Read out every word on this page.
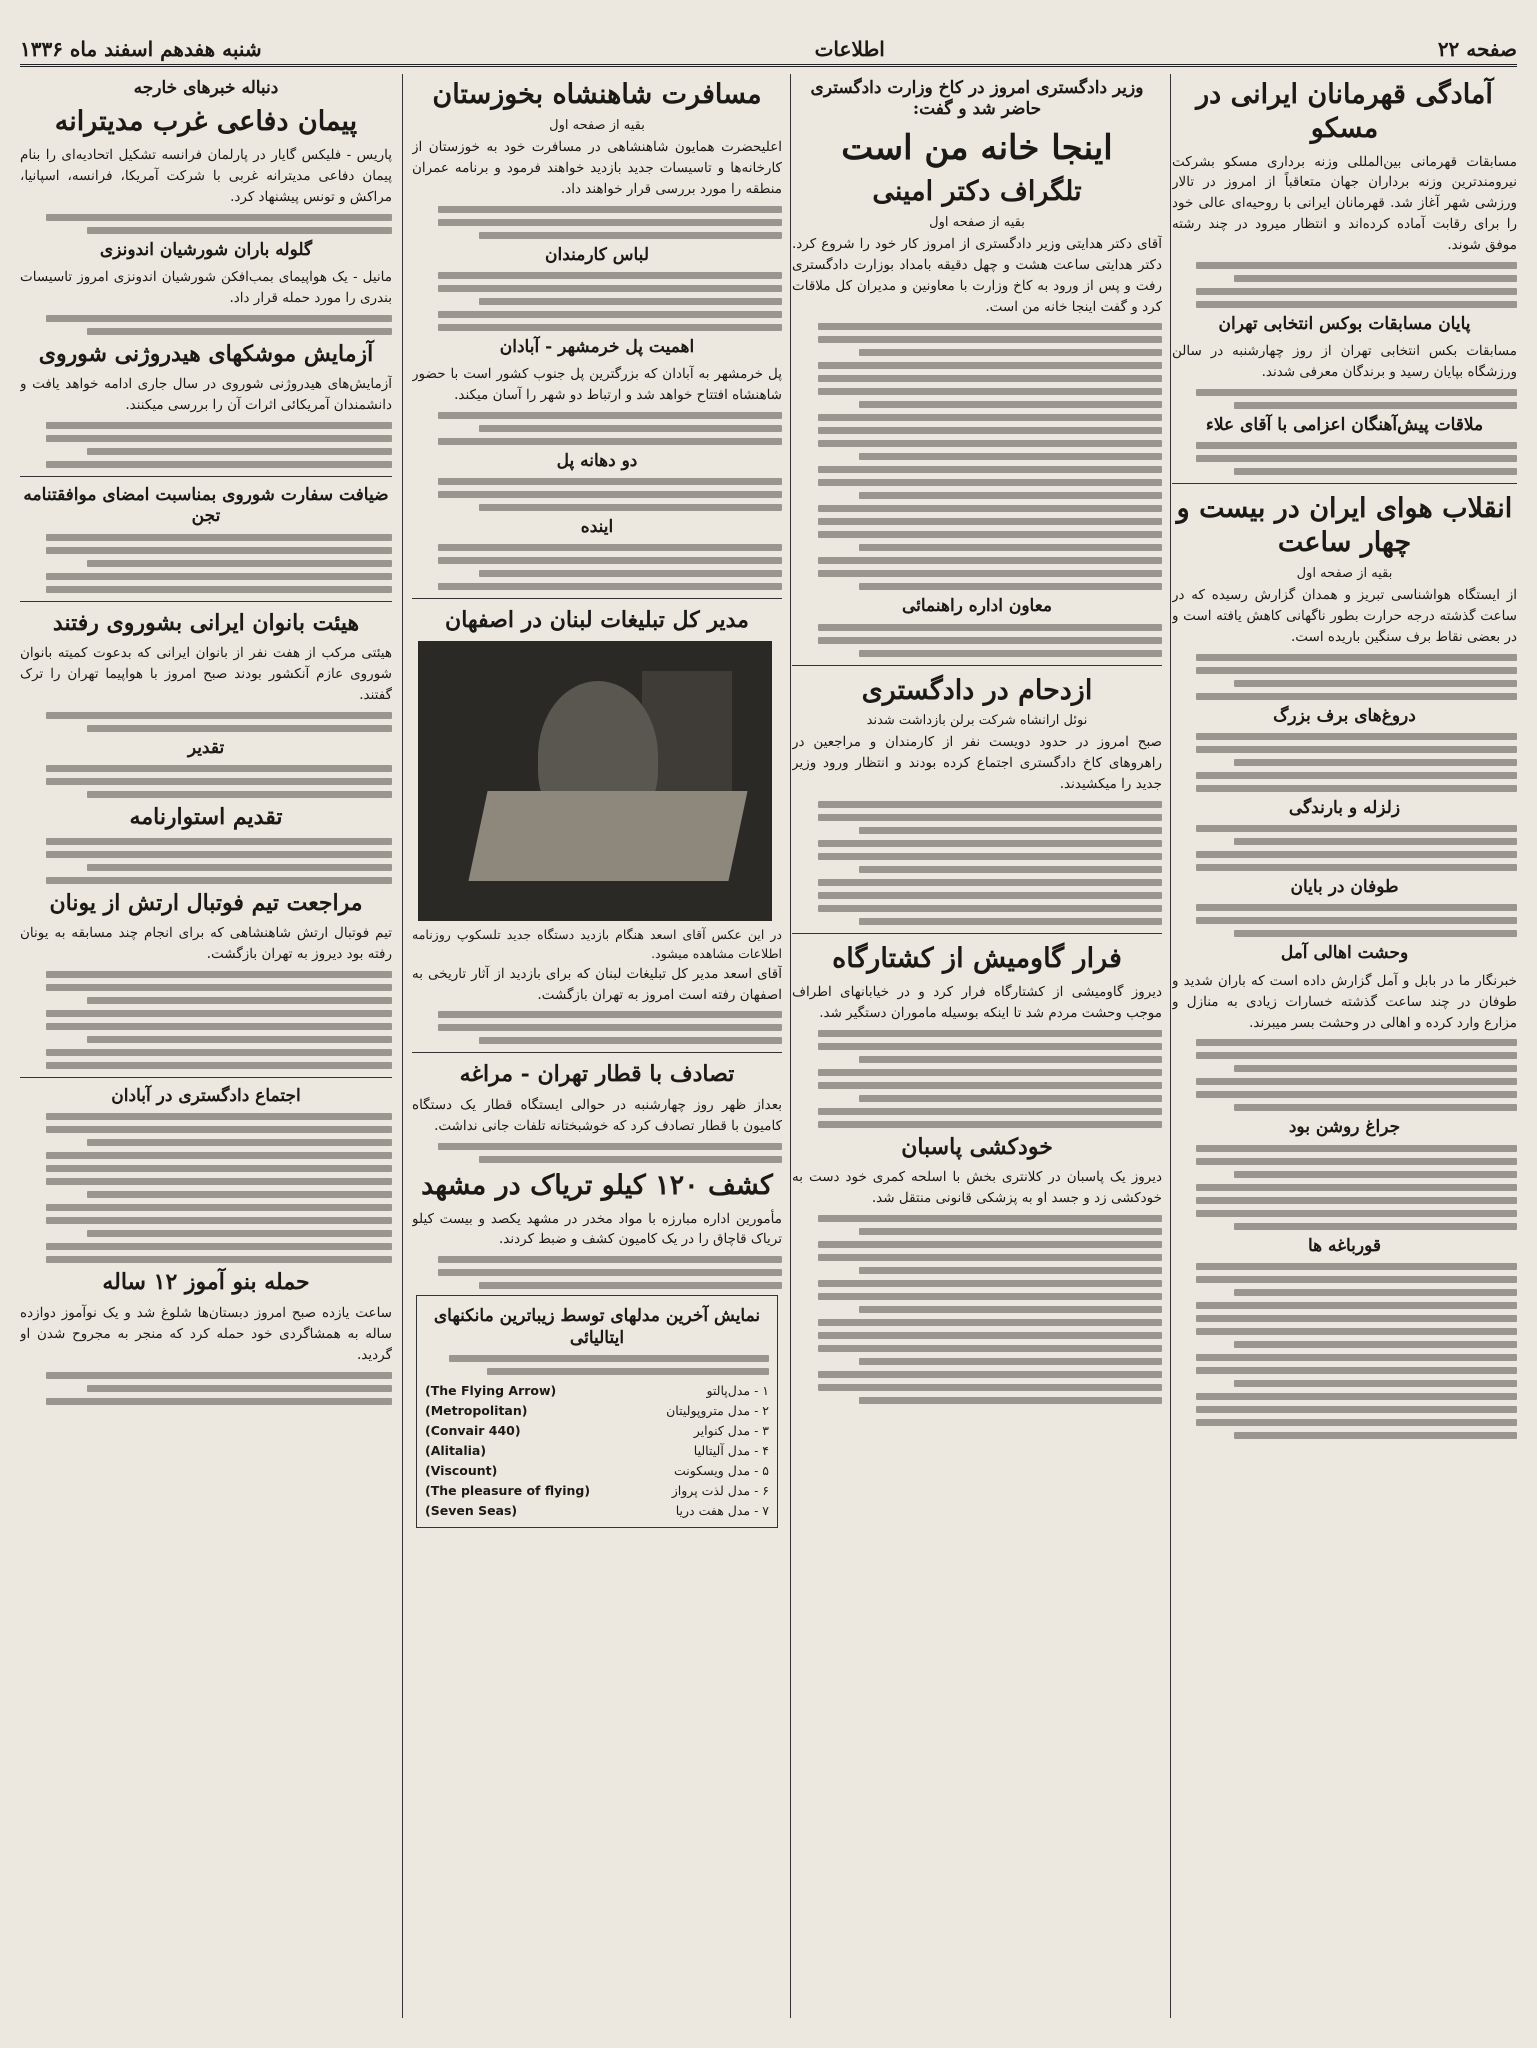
صفحه ۲۲
اطلاعات
شنبه هفدهم اسفند ماه ۱۳۳۶
آمادگی قهرمانان ایرانی در مسکو
مسابقات قهرمانی بین‌المللی وزنه برداری مسکو بشرکت نیرومندترین وزنه برداران جهان متعاقباً از امروز در تالار ورزشی شهر آغاز شد. قهرمانان ایرانی با روحیه‌ای عالی خود را برای رقابت آماده کرده‌اند و انتظار میرود در چند رشته موفق شوند.
پایان مسابقات بوکس انتخابی تهران
مسابقات بکس انتخابی تهران از روز چهارشنبه در سالن ورزشگاه بپایان رسید و برندگان معرفی شدند.
ملاقات پیش‌آهنگان اعزامی با آقای علاء
انقلاب هوای ایران در بیست و چهار ساعت
بقیه از صفحه اول
از ایستگاه هواشناسی تبریز و همدان گزارش رسیده که در ساعت گذشته درجه حرارت بطور ناگهانی کاهش یافته است و در بعضی نقاط برف سنگین باریده است.
دروغ‌های برف بزرگ
زلزله و بارندگی
طوفان در بایان
وحشت اهالی آمل
خبرنگار ما در بابل و آمل گزارش داده است که باران شدید و طوفان در چند ساعت گذشته خسارات زیادی به منازل و مزارع وارد کرده و اهالی در وحشت بسر میبرند.
جراغ روشن بود
قورباغه ها
وزیر دادگستری امروز در کاخ وزارت دادگستری حاضر شد و گفت:
اینجا خانه من است
تلگراف دکتر امینی
بقیه از صفحه اول
آقای دکتر هدایتی وزیر دادگستری از امروز کار خود را شروع کرد. دکتر هدایتی ساعت هشت و چهل دقیقه بامداد بوزارت دادگستری رفت و پس از ورود به کاخ وزارت با معاونین و مدیران کل ملاقات کرد و گفت اینجا خانه من است.
معاون اداره راهنمائی
ازدحام در دادگستری
نوئل ارانشاه شرکت برلن بازداشت شدند
صبح امروز در حدود دویست نفر از کارمندان و مراجعین در راهروهای کاخ دادگستری اجتماع کرده بودند و انتظار ورود وزیر جدید را میکشیدند.
فرار گاومیش از کشتارگاه
دیروز گاومیشی از کشتارگاه فرار کرد و در خیابانهای اطراف موجب وحشت مردم شد تا اینکه بوسیله ماموران دستگیر شد.
خودکشی پاسبان
دیروز یک پاسبان در کلانتری بخش با اسلحه کمری خود دست به خودکشی زد و جسد او به پزشکی قانونی منتقل شد.
مسافرت شاهنشاه بخوزستان
بقیه از صفحه اول
اعلیحضرت همایون شاهنشاهی در مسافرت خود به خوزستان از کارخانه‌ها و تاسیسات جدید بازدید خواهند فرمود و برنامه عمران منطقه را مورد بررسی قرار خواهند داد.
لباس کارمندان
اهمیت پل خرمشهر - آبادان
پل خرمشهر به آبادان که بزرگترین پل جنوب کشور است با حضور شاهنشاه افتتاح خواهد شد و ارتباط دو شهر را آسان میکند.
دو دهانه پل
اینده
مدیر کل تبلیغات لبنان در اصفهان
در این عکس آقای اسعد هنگام بازدید دستگاه جدید تلسکوپ روزنامه اطلاعات مشاهده میشود.
آقای اسعد مدیر کل تبلیغات لبنان که برای بازدید از آثار تاریخی به اصفهان رفته است امروز به تهران بازگشت.
تصادف با قطار تهران - مراغه
بعداز ظهر روز چهارشنبه در حوالی ایستگاه قطار یک دستگاه کامیون با قطار تصادف کرد که خوشبختانه تلفات جانی نداشت.
کشف ۱۲۰ کیلو تریاک در مشهد
مأمورین اداره مبارزه با مواد مخدر در مشهد یکصد و بیست کیلو تریاک قاچاق را در یک کامیون کشف و ضبط کردند.
نمایش آخرین مدلهای توسط زیباترین مانکنهای ایتالیائی
۱ - مدل‌پالتو
(The Flying Arrow)
۲ - مدل متروپولیتان
(Metropolitan)
۳ - مدل کنوایر
(Convair 440)
۴ - مدل آلیتالیا
(Alitalia)
۵ - مدل ویسکونت
(Viscount)
۶ - مدل لذت پرواز
(The pleasure of flying)
۷ - مدل هفت دریا
(Seven Seas)
دنباله خبرهای خارجه
پیمان دفاعی غرب مدیترانه
پاریس - فلیکس گایار در پارلمان فرانسه تشکیل اتحادیه‌ای را بنام پیمان دفاعی مدیترانه غربی با شرکت آمریکا، فرانسه، اسپانیا، مراکش و تونس پیشنهاد کرد.
گلوله باران شورشیان اندونزی
مانیل - یک هواپیمای بمب‌افکن شورشیان اندونزی امروز تاسیسات بندری را مورد حمله قرار داد.
آزمایش موشکهای هیدروژنی شوروی
آزمایش‌های هیدروژنی شوروی در سال جاری ادامه خواهد یافت و دانشمندان آمریکائی اثرات آن را بررسی میکنند.
ضیافت سفارت شوروی بمناسبت امضای موافقتنامه تجن
هیئت بانوان ایرانی بشوروی رفتند
هیئتی مرکب از هفت نفر از بانوان ایرانی که بدعوت کمیته بانوان شوروی عازم آنکشور بودند صبح امروز با هواپیما تهران را ترک گفتند.
تقدیر
تقدیم استوارنامه
مراجعت تیم فوتبال ارتش از یونان
تیم فوتبال ارتش شاهنشاهی که برای انجام چند مسابقه به یونان رفته بود دیروز به تهران بازگشت.
اجتماع دادگستری در آبادان
حمله بنو آموز ۱۲ ساله
ساعت یازده صبح امروز دبستان‌ها شلوغ شد و یک نوآموز دوازده ساله به همشاگردی خود حمله کرد که منجر به مجروح شدن او گردید.
